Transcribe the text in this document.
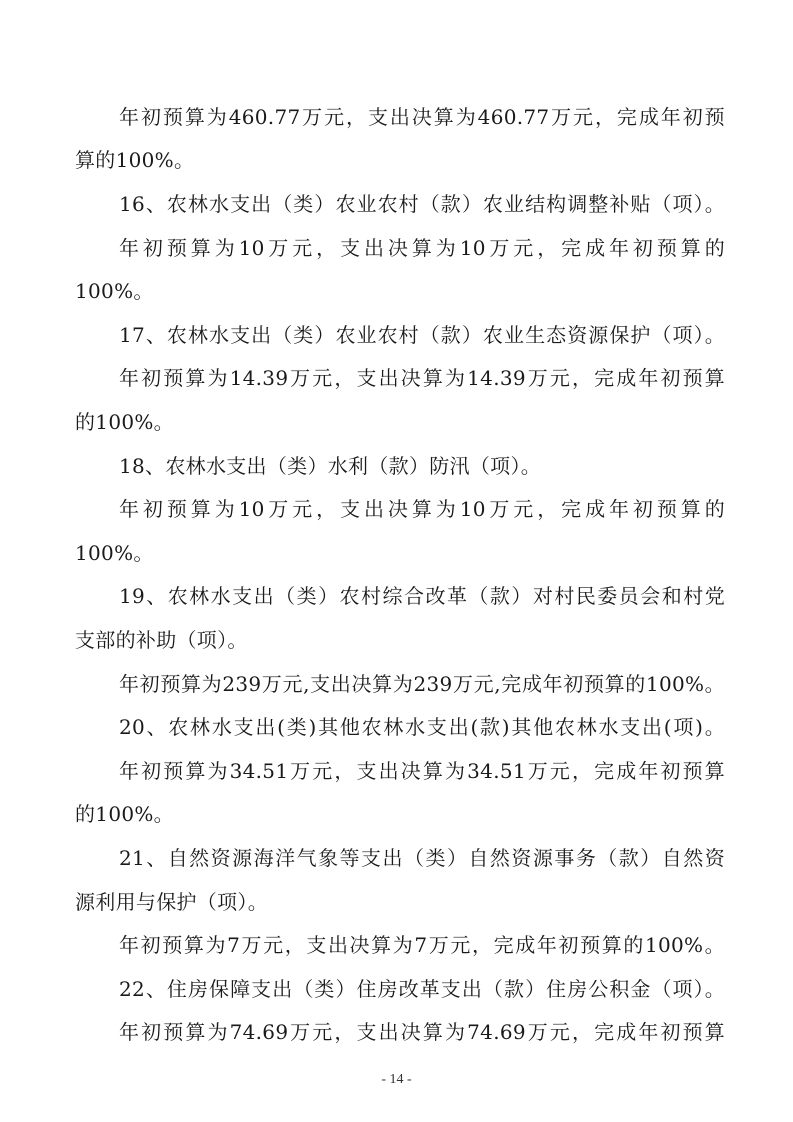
年初预算为460.77万元，支出决算为460.77万元，完成年初预
算的100%。
16、农林水支出（类）农业农村（款）农业结构调整补贴（项）。
年初预算为10万元，支出决算为10万元，完成年初预算的
100%。
17、农林水支出（类）农业农村（款）农业生态资源保护（项）。
年初预算为14.39万元，支出决算为14.39万元，完成年初预算
的100%。
18、农林水支出（类）水利（款）防汛（项）。
年初预算为10万元，支出决算为10万元，完成年初预算的
100%。
19、农林水支出（类）农村综合改革（款）对村民委员会和村党
支部的补助（项）。
年初预算为239万元,支出决算为239万元,完成年初预算的100%。
20、农林水支出(类)其他农林水支出(款)其他农林水支出(项)。
年初预算为34.51万元，支出决算为34.51万元，完成年初预算
的100%。
21、自然资源海洋气象等支出（类）自然资源事务（款）自然资
源利用与保护（项）。
年初预算为7万元，支出决算为7万元，完成年初预算的100%。
22、住房保障支出（类）住房改革支出（款）住房公积金（项）。
年初预算为74.69万元，支出决算为74.69万元，完成年初预算
- 14 -
